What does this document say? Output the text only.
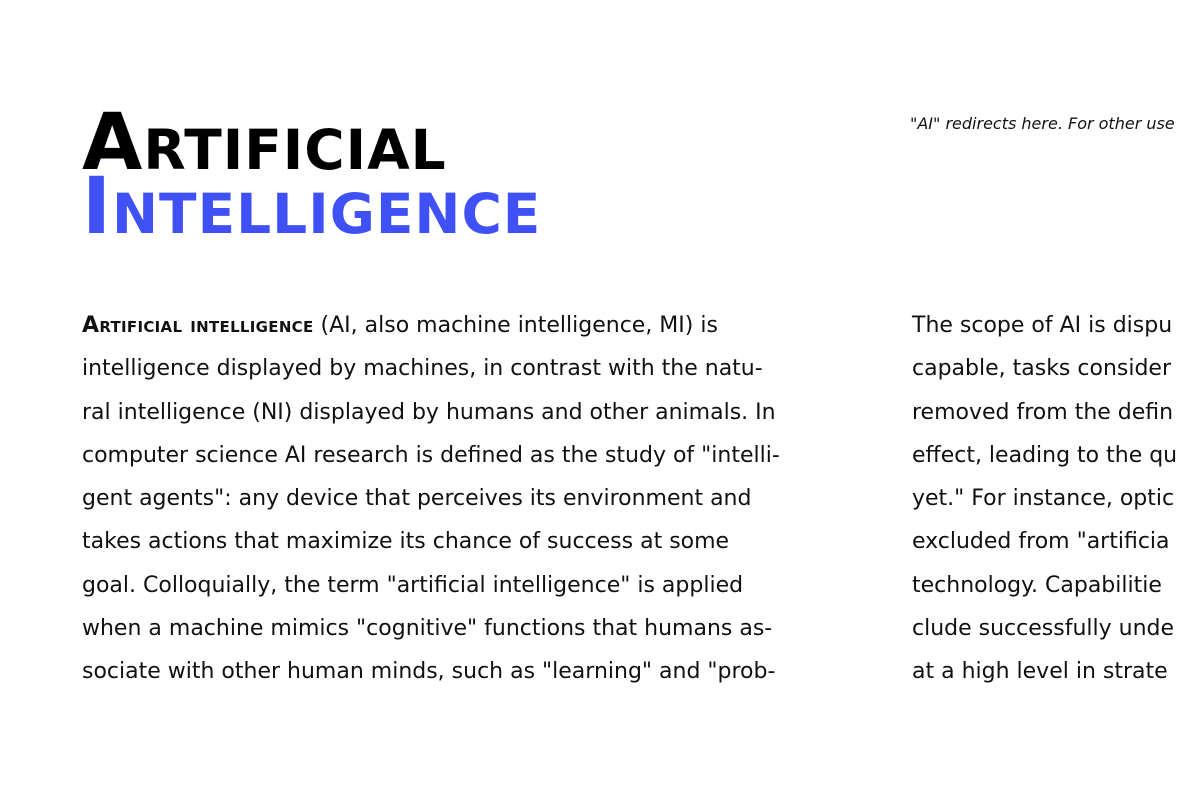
Artificial
Intelligence

"AI" redirects here. For other use

Artificial intelligence (AI, also machine intelligence, MI) is
intelligence displayed by machines, in contrast with the natu-
ral intelligence (NI) displayed by humans and other animals. In
computer science AI research is defined as the study of "intelli-
gent agents": any device that perceives its environment and
takes actions that maximize its chance of success at some
goal. Colloquially, the term "artificial intelligence" is applied
when a machine mimics "cognitive" functions that humans as-
sociate with other human minds, such as "learning" and "prob-
The scope of AI is dispu
capable, tasks consider
removed from the defin
effect, leading to the qu
yet." For instance, optic
excluded from "artificia
technology. Capabilitie
clude successfully unde
at a high level in strate
